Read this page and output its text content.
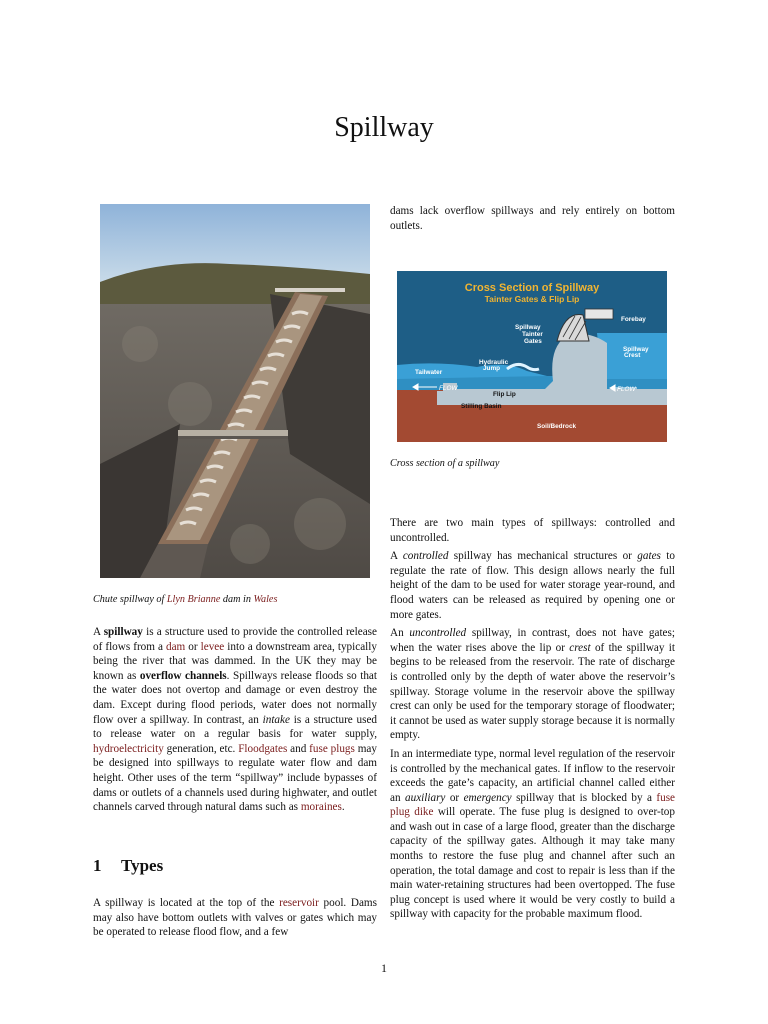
Spillway
Chute spillway of Llyn Brianne dam in Wales

A spillway is a structure used to provide the controlled release of flows from a dam or levee into a downstream area, typically being the river that was dammed. In the UK they may be known as overflow channels. Spillways release floods so that the water does not overtop and damage or even destroy the dam. Except during flood periods, water does not normally flow over a spillway. In contrast, an intake is a structure used to release water on a regular basis for water supply, hydroelectricity generation, etc. Floodgates and fuse plugs may be designed into spillways to regulate water flow and dam height. Other uses of the term “spillway” include bypasses of dams or outlets of a channels used during highwater, and outlet channels carved through natural dams such as moraines.

1 Types

A spillway is located at the top of the reservoir pool. Dams may also have bottom outlets with valves or gates which may be operated to release flood flow, and a few

dams lack overflow spillways and rely entirely on bottom outlets.

Cross Section of Spillway
Tainter Gates & Flip Lip
Forebay
Spillway
Tainter
Gates
Spillway
Crest
Hydraulic
Jump
Tailwater
FLOW
FLOW
Soil/Bedrock
Flip Lip
Stilling Basin
Cross section of a spillway

There are two main types of spillways: controlled and uncontrolled.

A controlled spillway has mechanical structures or gates to regulate the rate of flow. This design allows nearly the full height of the dam to be used for water storage year-round, and flood waters can be released as required by opening one or more gates.

An uncontrolled spillway, in contrast, does not have gates; when the water rises above the lip or crest of the spillway it begins to be released from the reservoir. The rate of discharge is controlled only by the depth of water above the reservoir’s spillway. Storage volume in the reservoir above the spillway crest can only be used for the temporary storage of floodwater; it cannot be used as water supply storage because it is normally empty.

In an intermediate type, normal level regulation of the reservoir is controlled by the mechanical gates. If inflow to the reservoir exceeds the gate’s capacity, an artificial channel called either an auxiliary or emergency spillway that is blocked by a fuse plug dike will operate. The fuse plug is designed to over-top and wash out in case of a large flood, greater than the discharge capacity of the spillway gates. Although it may take many months to restore the fuse plug and channel after such an operation, the total damage and cost to repair is less than if the main water-retaining structures had been overtopped. The fuse plug concept is used where it would be very costly to build a spillway with capacity for the probable maximum flood.

1
